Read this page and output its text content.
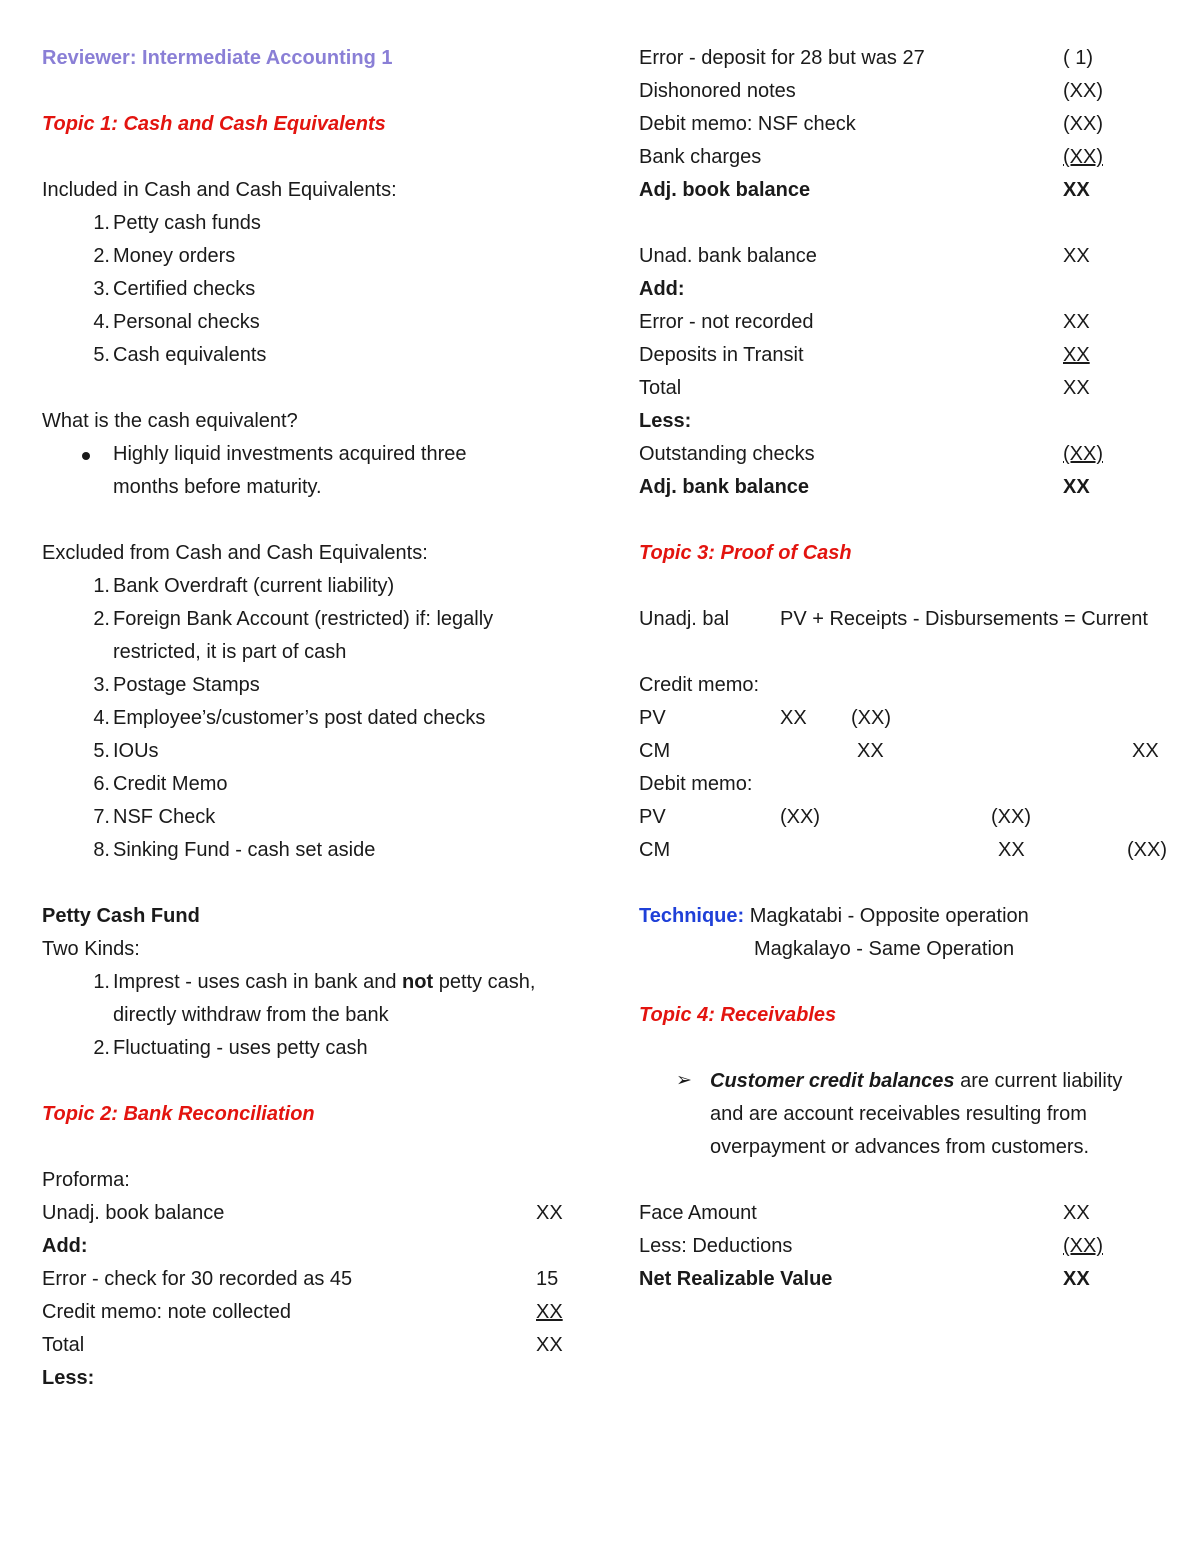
Reviewer: Intermediate Accounting 1
Topic 1: Cash and Cash Equivalents
Included in Cash and Cash Equivalents:
1. Petty cash funds
2. Money orders
3. Certified checks
4. Personal checks
5. Cash equivalents
What is the cash equivalent?
Highly liquid investments acquired three
months before maturity.
Excluded from Cash and Cash Equivalents:
1. Bank Overdraft (current liability)
2. Foreign Bank Account (restricted) if: legally
restricted, it is part of cash
3. Postage Stamps
4. Employee’s/customer’s post dated checks
5. IOUs
6. Credit Memo
7. NSF Check
8. Sinking Fund - cash set aside
Petty Cash Fund
Two Kinds:
1. Imprest - uses cash in bank and not petty cash,
directly withdraw from the bank
2. Fluctuating - uses petty cash
Topic 2: Bank Reconciliation
Proforma:
Unadj. book balance	XX
Add:
Error - check for 30 recorded as 45	15
Credit memo: note collected	XX
Total	XX
Less:
Error - deposit for 28 but was 27	( 1)
Dishonored notes	(XX)
Debit memo: NSF check	(XX)
Bank charges	(XX)
Adj. book balance	XX
Unad. bank balance	XX
Add:
Error - not recorded	XX
Deposits in Transit	XX
Total	XX
Less:
Outstanding checks	(XX)
Adj. bank balance	XX
Topic 3: Proof of Cash
Unadj. bal	PV + Receipts - Disbursements = Current
Credit memo:
PV	XX (XX)
CM	XX	XX
Debit memo:
PV	(XX)	(XX)
CM	XX	(XX)
Technique: Magkatabi - Opposite operation
Magkalayo - Same Operation
Topic 4: Receivables
➢ Customer credit balances are current liability
and are account receivables resulting from
overpayment or advances from customers.
Face Amount	XX
Less: Deductions	(XX)
Net Realizable Value	XX
